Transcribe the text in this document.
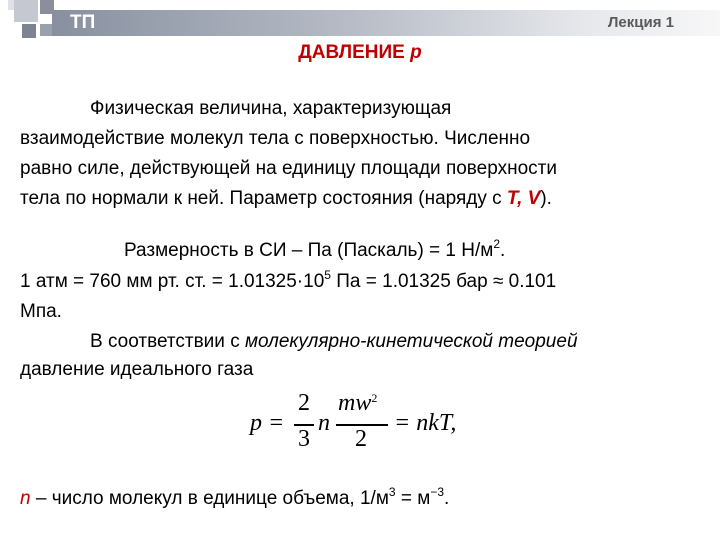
ТП	Лекция 1
ДАВЛЕНИЕ p
Физическая величина, характеризующая
взаимодействие молекул тела с поверхностью. Численно
равно силе, действующей на единицу площади поверхности
тела по нормали к ней. Параметр состояния (наряду с T, V).
Размерность в СИ – Па (Паскаль) = 1 $Н/м^2$.
1 атм = 760 мм рт. ст. = $1.01325\cdot 10^5$ Па = 1.01325 бар ≈ 0.101
Мпа.
В соответствии с молекулярно-кинетической теорией
давление идеального газа
p =
2
3
n
$mw^2$
2
= nkT,
n – число молекул в единице объема, $1/м^3 = м^{-3}$.
